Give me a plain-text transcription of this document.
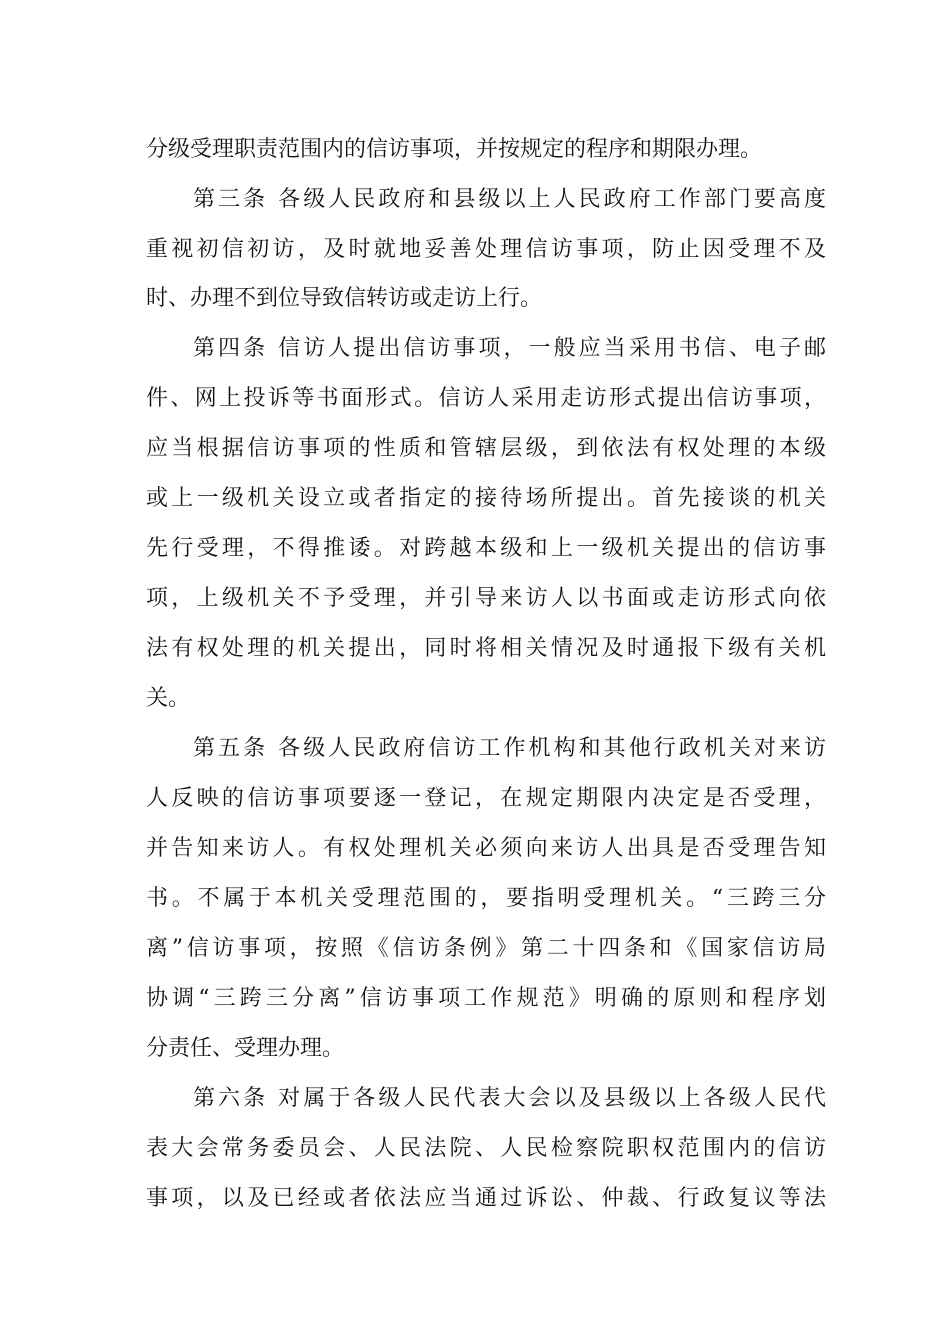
分级受理职责范围内的信访事项，并按规定的程序和期限办理。
第三条 各级人民政府和县级以上人民政府工作部门要高度
重视初信初访，及时就地妥善处理信访事项，防止因受理不及
时、办理不到位导致信转访或走访上行。
第四条 信访人提出信访事项，一般应当采用书信、电子邮
件、网上投诉等书面形式。信访人采用走访形式提出信访事项，
应当根据信访事项的性质和管辖层级，到依法有权处理的本级
或上一级机关设立或者指定的接待场所提出。首先接谈的机关
先行受理，不得推诿。对跨越本级和上一级机关提出的信访事
项，上级机关不予受理，并引导来访人以书面或走访形式向依
法有权处理的机关提出，同时将相关情况及时通报下级有关机
关。
第五条 各级人民政府信访工作机构和其他行政机关对来访
人反映的信访事项要逐一登记，在规定期限内决定是否受理，
并告知来访人。有权处理机关必须向来访人出具是否受理告知
书。不属于本机关受理范围的，要指明受理机关。“三跨三分
离”信访事项，按照《信访条例》第二十四条和《国家信访局
协调“三跨三分离”信访事项工作规范》明确的原则和程序划
分责任、受理办理。
第六条 对属于各级人民代表大会以及县级以上各级人民代
表大会常务委员会、人民法院、人民检察院职权范围内的信访
事项，以及已经或者依法应当通过诉讼、仲裁、行政复议等法
